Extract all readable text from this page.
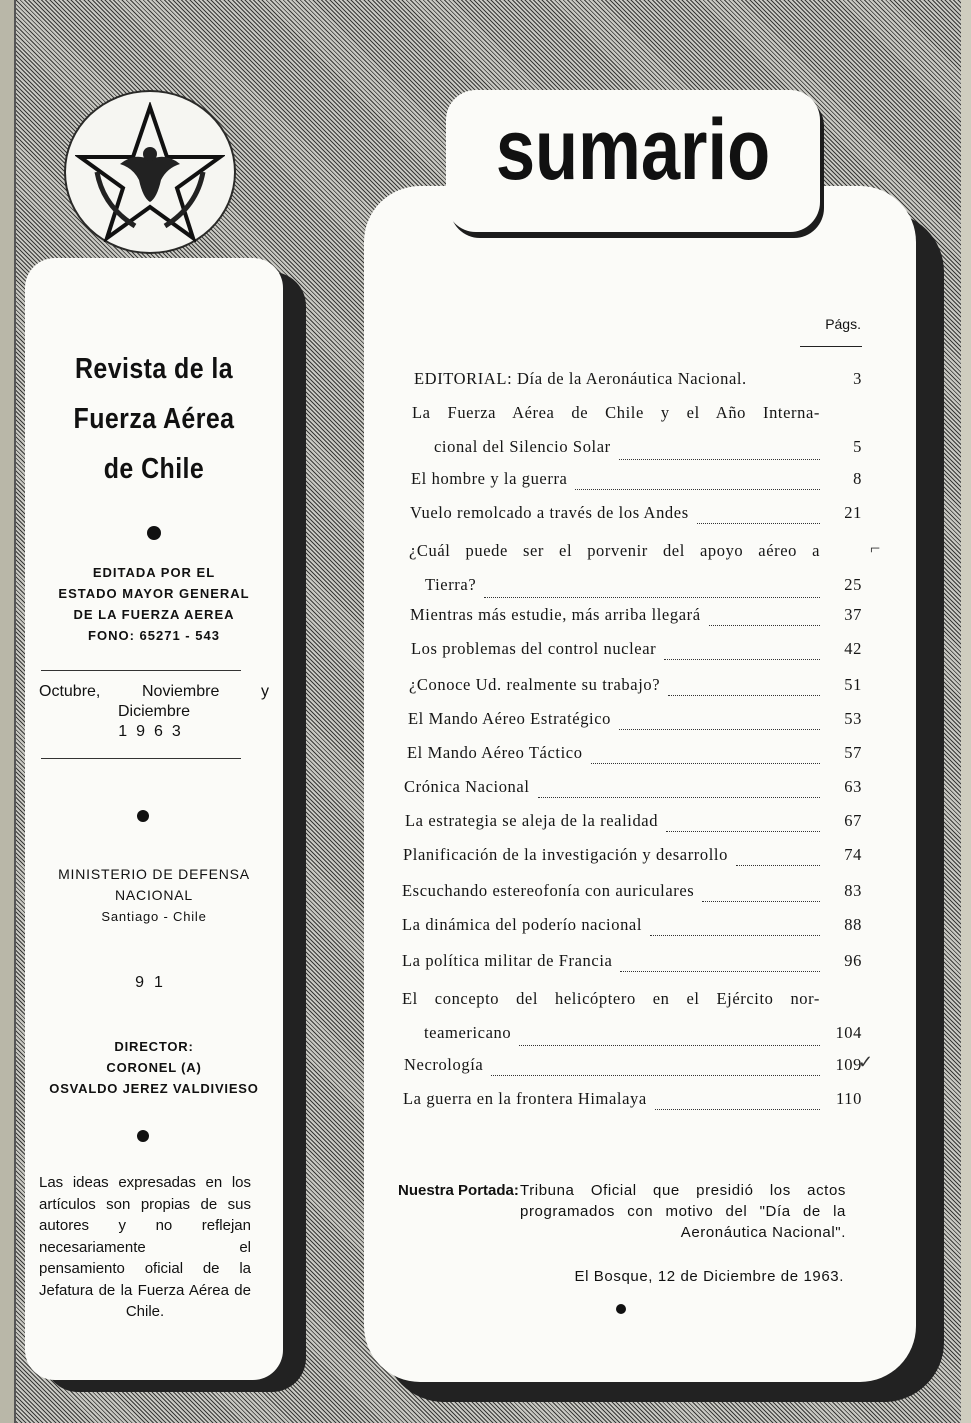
Revista de la
Fuerza Aérea
de Chile
EDITADA POR EL
ESTADO MAYOR GENERAL
DE LA FUERZA AEREA
FONO: 65271 - 543
Octubre,	Noviembre	y
Diciembre
1963
MINISTERIO DE DEFENSA
NACIONAL
Santiago - Chile
91
DIRECTOR:
CORONEL (A)
OSVALDO JEREZ VALDIVIESO
Las ideas expresadas en los artículos son propias de sus autores y no reflejan necesariamente el pensamiento oficial de la Jefatura de la Fuerza Aérea de Chile.
sumario
Págs.
EDITORIAL: Día de la Aeronáutica Nacional.	3
La Fuerza Aérea de Chile y el Año Interna-
cional del Silencio Solar	5
El hombre y la guerra	8
Vuelo remolcado a través de los Andes	21
¿Cuál puede ser el porvenir del apoyo aéreo a
Tierra?	25
Mientras más estudie, más arriba llegará	37
Los problemas del control nuclear	42
¿Conoce Ud. realmente su trabajo?	51
El Mando Aéreo Estratégico	53
El Mando Aéreo Táctico	57
Crónica Nacional	63
La estrategia se aleja de la realidad	67
Planificación de la investigación y desarrollo	74
Escuchando estereofonía con auriculares	83
La dinámica del poderío nacional	88
La política militar de Francia	96
El concepto del helicóptero en el Ejército nor-
teamericano	104
Necrología	109
La guerra en la frontera Himalaya	110
Nuestra Portada: Tribuna Oficial que presidió los actos programados con motivo del "Día de la Aeronáutica Nacional".
El Bosque, 12 de Diciembre de 1963.
⌐
✓
